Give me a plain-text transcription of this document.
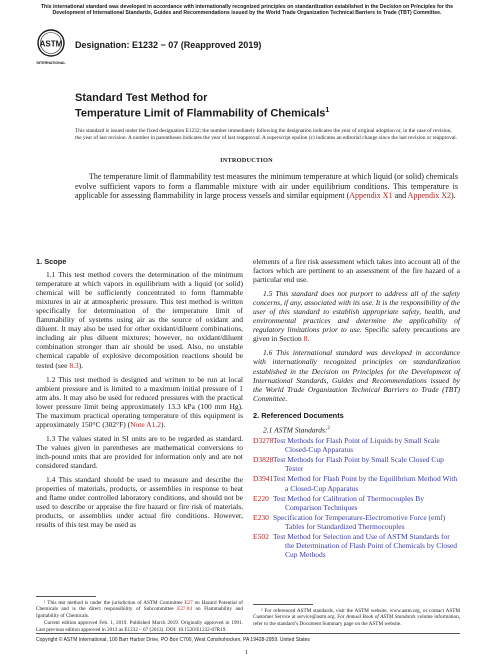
This international standard was developed in accordance with internationally recognized principles on standardization established in the Decision on Principles for the Development of International Standards, Guides and Recommendations issued by the World Trade Organization Technical Barriers to Trade (TBT) Committee.
ASTM
INTERNATIONAL
Designation: E1232 − 07 (Reapproved 2019)
Standard Test Method for
Temperature Limit of Flammability of Chemicals$^1$
This standard is issued under the fixed designation E1232; the number immediately following the designation indicates the year of original adoption or, in the case of revision, the year of last revision. A number in parentheses indicates the year of last reapproval. A superscript epsilon (ε) indicates an editorial change since the last revision or reapproval.
INTRODUCTION
The temperature limit of flammability test measures the minimum temperature at which liquid (or solid) chemicals evolve sufficient vapors to form a flammable mixture with air under equilibrium conditions. This temperature is applicable for assessing flammability in large process vessels and similar equipment (Appendix X1 and Appendix X2).

1. Scope

1.1 This test method covers the determination of the minimum temperature at which vapors in equilibrium with a liquid (or solid) chemical will be sufficiently concentrated to form flammable mixtures in air at atmospheric pressure. This test method is written specifically for determination of the temperature limit of flammability of systems using air as the source of oxidant and diluent. It may also be used for other oxidant/diluent combinations, including air plus diluent mixtures; however, no oxidant/diluent combination stronger than air should be used. Also, no unstable chemical capable of explosive decomposition reactions should be tested (see 8.3).

1.2 This test method is designed and written to be run at local ambient pressure and is limited to a maximum initial pressure of 1 atm abs. It may also be used for reduced pressures with the practical lower pressure limit being approximately 13.3 kPa (100 mm Hg). The maximum practical operating temperature of this equipment is approximately 150°C (302°F) (Note A1.2).

1.3 The values stated in SI units are to be regarded as standard. The values given in parentheses are mathematical conversions to inch-pound units that are provided for information only and are not considered standard.

1.4 This standard should be used to measure and describe the properties of materials, products, or assemblies in response to heat and flame under controlled laboratory conditions, and should not be used to describe or appraise the fire hazard or fire risk of materials, products, or assemblies under actual fire conditions. However, results of this test may be used as

¹ This test method is under the jurisdiction of ASTM Committee E27 on Hazard Potential of Chemicals and is the direct responsibility of Subcommittee E27.04 on Flammability and Ignitability of Chemicals.

Current edition approved Feb. 1, 2019. Published March 2019. Originally approved in 1991. Last previous edition approved in 2013 as E1232 – 07 (2013). DOI: 10.1520/E1232-07R19.

elements of a fire risk assessment which takes into account all of the factors which are pertinent to an assessment of the fire hazard of a particular end use.

1.5 This standard does not purport to address all of the safety concerns, if any, associated with its use. It is the responsibility of the user of this standard to establish appropriate safety, health, and environmental practices and determine the applicability of regulatory limitations prior to use. Specific safety precautions are given in Section 8.

1.6 This international standard was developed in accordance with internationally recognized principles on standardization established in the Decision on Principles for the Development of International Standards, Guides and Recommendations issued by the World Trade Organization Technical Barriers to Trade (TBT) Committee.

2. Referenced Documents

2.1 ASTM Standards:$^2$

D3278 Test Methods for Flash Point of Liquids by Small Scale Closed-Cup Apparatus
D3828 Test Methods for Flash Point by Small Scale Closed Cup Tester
D3941 Test Method for Flash Point by the Equilibrium Method With a Closed-Cup Apparatus
E220 Test Method for Calibration of Thermocouples By Comparison Techniques
E230 Specification for Temperature-Electromotive Force (emf) Tables for Standardized Thermocouples
E502 Test Method for Selection and Use of ASTM Standards for the Determination of Flash Point of Chemicals by Closed Cup Methods

² For referenced ASTM standards, visit the ASTM website, www.astm.org, or contact ASTM Customer Service at service@astm.org. For Annual Book of ASTM Standards volume information, refer to the standard’s Document Summary page on the ASTM website.

Copyright © ASTM International, 100 Barr Harbor Drive, PO Box C700, West Conshohocken, PA 19428-2959. United States
1
